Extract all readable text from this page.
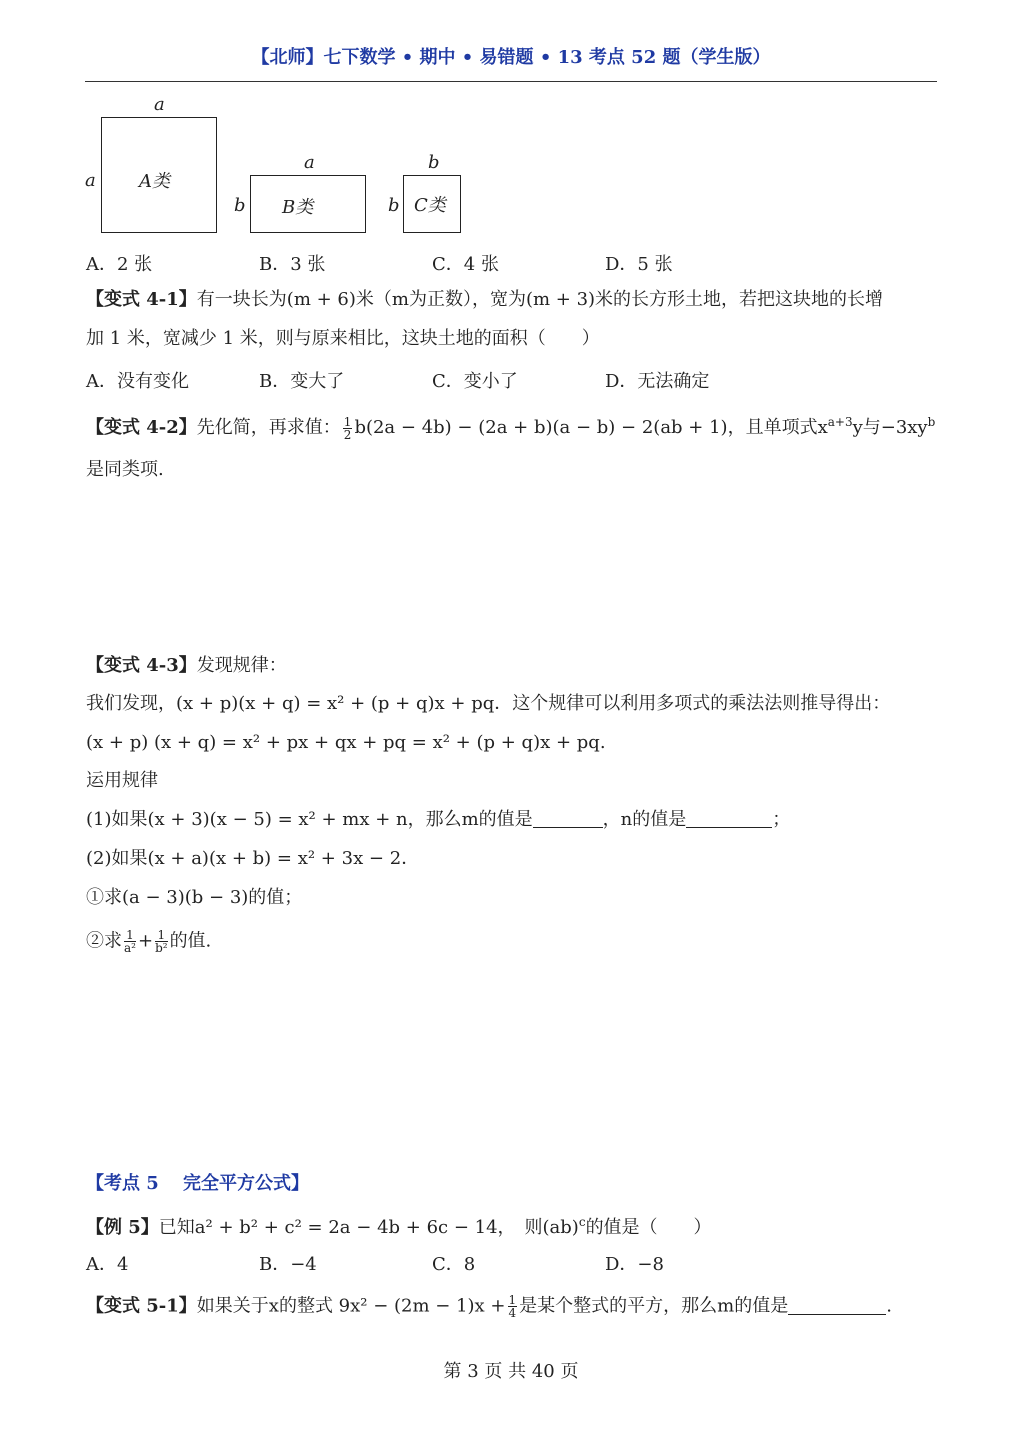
【北师】七下数学 • 期中 • 易错题 • 13 考点 52 题（学生版）
a
a A类
a
b B类
b
b C类
A．2 张	B．3 张	C．4 张	D．5 张
【变式 4-1】有一块长为(m + 6)米（m为正数），宽为(m + 3)米的长方形土地，若把这块地的长增
加 1 米，宽减少 1 米，则与原来相比，这块土地的面积（　　）
A．没有变化	B．变大了	C．变小了	D．无法确定
【变式 4-2】先化简，再求值： $\frac{1}{2} b(2a - 4b) - (2a + b)(a - b) - 2(ab + 1)$，且单项式$x^{a+3}y$与$-3xy^b$
是同类项.
【变式 4-3】发现规律：
我们发现，(x + p)(x + q) = x² + (p + q)x + pq．这个规律可以利用多项式的乘法法则推导得出：
(x + p) (x + q) = x² + px + qx + pq = x² + (p + q)x + pq.
运用规律
(1)如果(x + 3)(x − 5) = x² + mx + n，那么m的值是	，n的值是	；
(2)如果(x + a)(x + b) = x² + 3x − 2．
①求(a − 3)(b − 3)的值；
②求 $\frac{1}{\text{a²}} + \frac{1}{\text{b²}}$ 的值.
【考点 5　 完全平方公式】
【例 5】已知a² + b² + c² = 2a − 4b + 6c − 14，　则(ab)$^c$的值是（　　）
A．4	B．−4	C．8	D．−8
【变式 5-1】如果关于x的整式 $9x^2 - (2m - 1)x + \frac{1}{4}$ 是某个整式的平方，那么m的值是	.
第 3 页 共 40 页
